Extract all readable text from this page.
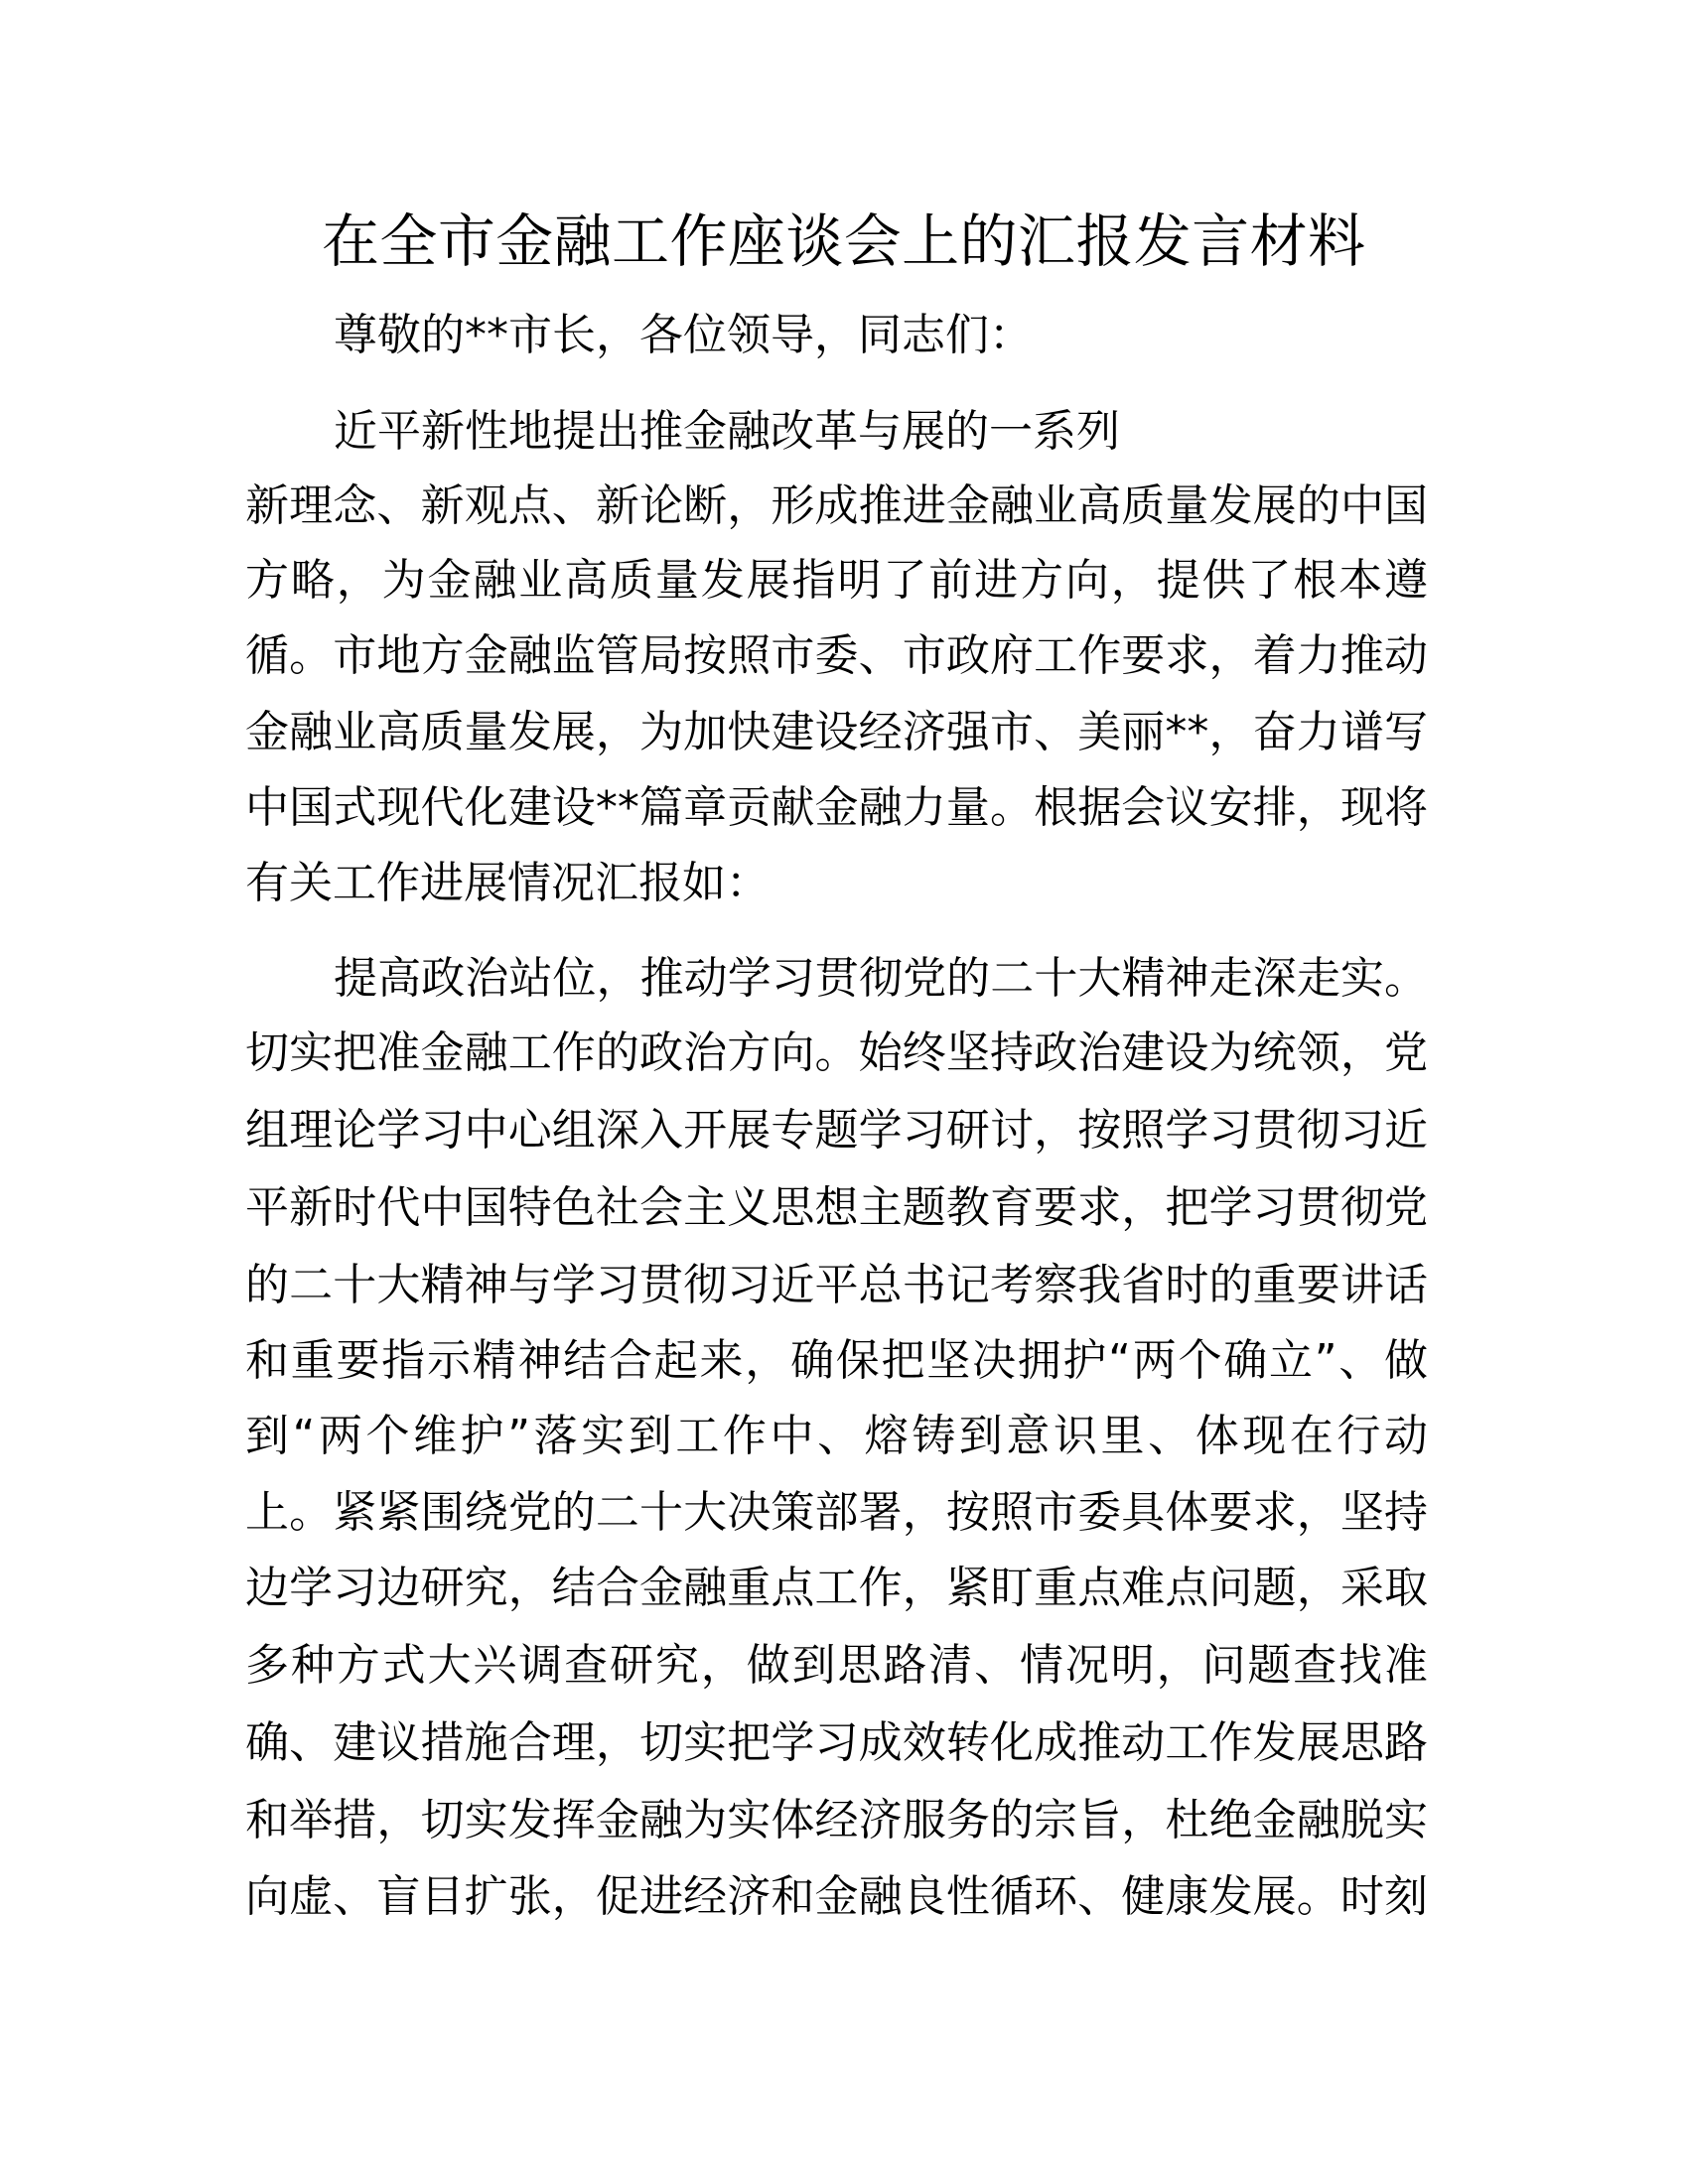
在全市金融工作座谈会上的汇报发言材料
尊敬的**市长，各位领导，同志们：
近平新性地提出推金融改革与展的一系列
新理念、新观点、新论断，形成推进金融业高质量发展的中国
方略，为金融业高质量发展指明了前进方向，提供了根本遵
循。市地方金融监管局按照市委、市政府工作要求，着力推动
金融业高质量发展，为加快建设经济强市、美丽**，奋力谱写
中国式现代化建设**篇章贡献金融力量。根据会议安排，现将
有关工作进展情况汇报如：
提高政治站位，推动学习贯彻党的二十大精神走深走实。
切实把准金融工作的政治方向。始终坚持政治建设为统领，党
组理论学习中心组深入开展专题学习研讨，按照学习贯彻习近
平新时代中国特色社会主义思想主题教育要求，把学习贯彻党
的二十大精神与学习贯彻习近平总书记考察我省时的重要讲话
和重要指示精神结合起来，确保把坚决拥护“两个确立”、做
到“两个维护”落实到工作中、熔铸到意识里、体现在行动
上。紧紧围绕党的二十大决策部署，按照市委具体要求，坚持
边学习边研究，结合金融重点工作，紧盯重点难点问题，采取
多种方式大兴调查研究，做到思路清、情况明，问题查找准
确、建议措施合理，切实把学习成效转化成推动工作发展思路
和举措，切实发挥金融为实体经济服务的宗旨，杜绝金融脱实
向虚、盲目扩张，促进经济和金融良性循环、健康发展。时刻
